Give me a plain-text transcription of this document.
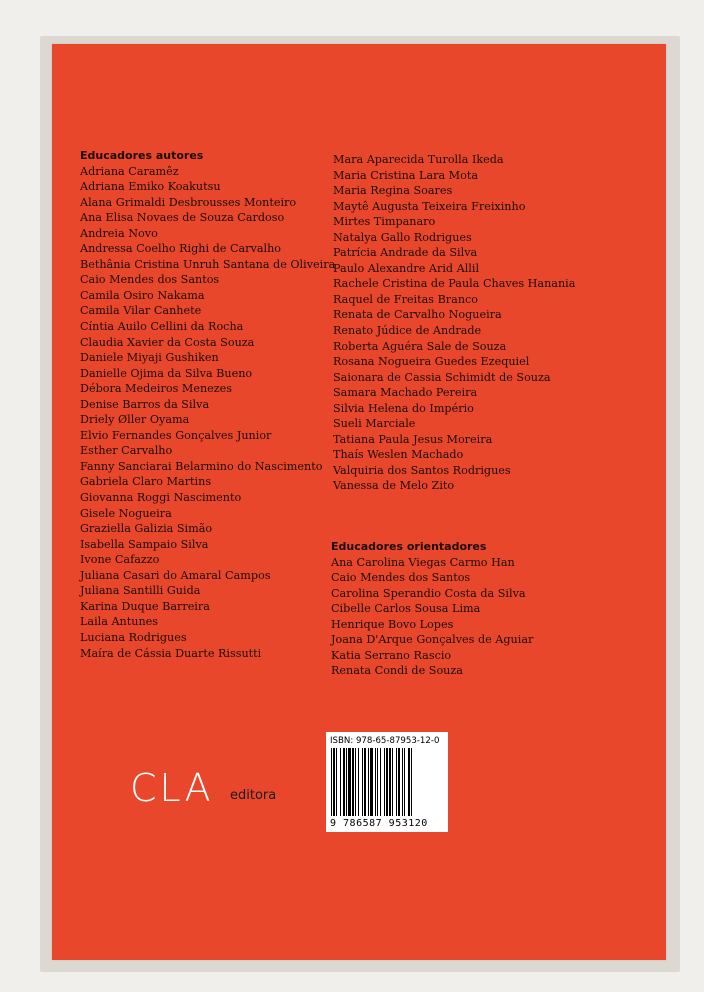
Educadores autores
Adriana Caramêz
Adriana Emiko Koakutsu
Alana Grimaldi Desbrousses Monteiro
Ana Elisa Novaes de Souza Cardoso
Andreia Novo
Andressa Coelho Righi de Carvalho
Bethânia Cristina Unruh Santana de Oliveira
Caio Mendes dos Santos
Camila Osiro Nakama
Camila Vilar Canhete
Cíntia Auilo Cellini da Rocha
Claudia Xavier da Costa Souza
Daniele Miyaji Gushiken
Danielle Ojima da Silva Bueno
Débora Medeiros Menezes
Denise Barros da Silva
Driely Øller Oyama
Elvio Fernandes Gonçalves Junior
Esther Carvalho
Fanny Sanciarai Belarmino do Nascimento
Gabriela Claro Martins
Giovanna Roggi Nascimento
Gisele Nogueira
Graziella Galizia Simão
Isabella Sampaio Silva
Ivone Cafazzo
Juliana Casari do Amaral Campos
Juliana Santilli Guida
Karina Duque Barreira
Laila Antunes
Luciana Rodrigues
Maíra de Cássia Duarte Rissutti
Mara Aparecida Turolla Ikeda
Maria Cristina Lara Mota
Maria Regina Soares
Maytê Augusta Teixeira Freixinho
Mirtes Timpanaro
Natalya Gallo Rodrigues
Patrícia Andrade da Silva
Paulo Alexandre Arid Allil
Rachele Cristina de Paula Chaves Hanania
Raquel de Freitas Branco
Renata de Carvalho Nogueira
Renato Júdice de Andrade
Roberta Aguéra Sale de Souza
Rosana Nogueira Guedes Ezequiel
Saionara de Cassia Schimidt de Souza
Samara Machado Pereira
Silvia Helena do Império
Sueli Marciale
Tatiana Paula Jesus Moreira
Thaís Weslen Machado
Valquiria dos Santos Rodrigues
Vanessa de Melo Zito
Educadores orientadores
Ana Carolina Viegas Carmo Han
Caio Mendes dos Santos
Carolina Sperandio Costa da Silva
Cibelle Carlos Sousa Lima
Henrique Bovo Lopes
Joana D'Arque Gonçalves de Aguiar
Katia Serrano Rascio
Renata Condi de Souza
CLA editora
ISBN: 978-65-87953-12-0
9 786587 953120
